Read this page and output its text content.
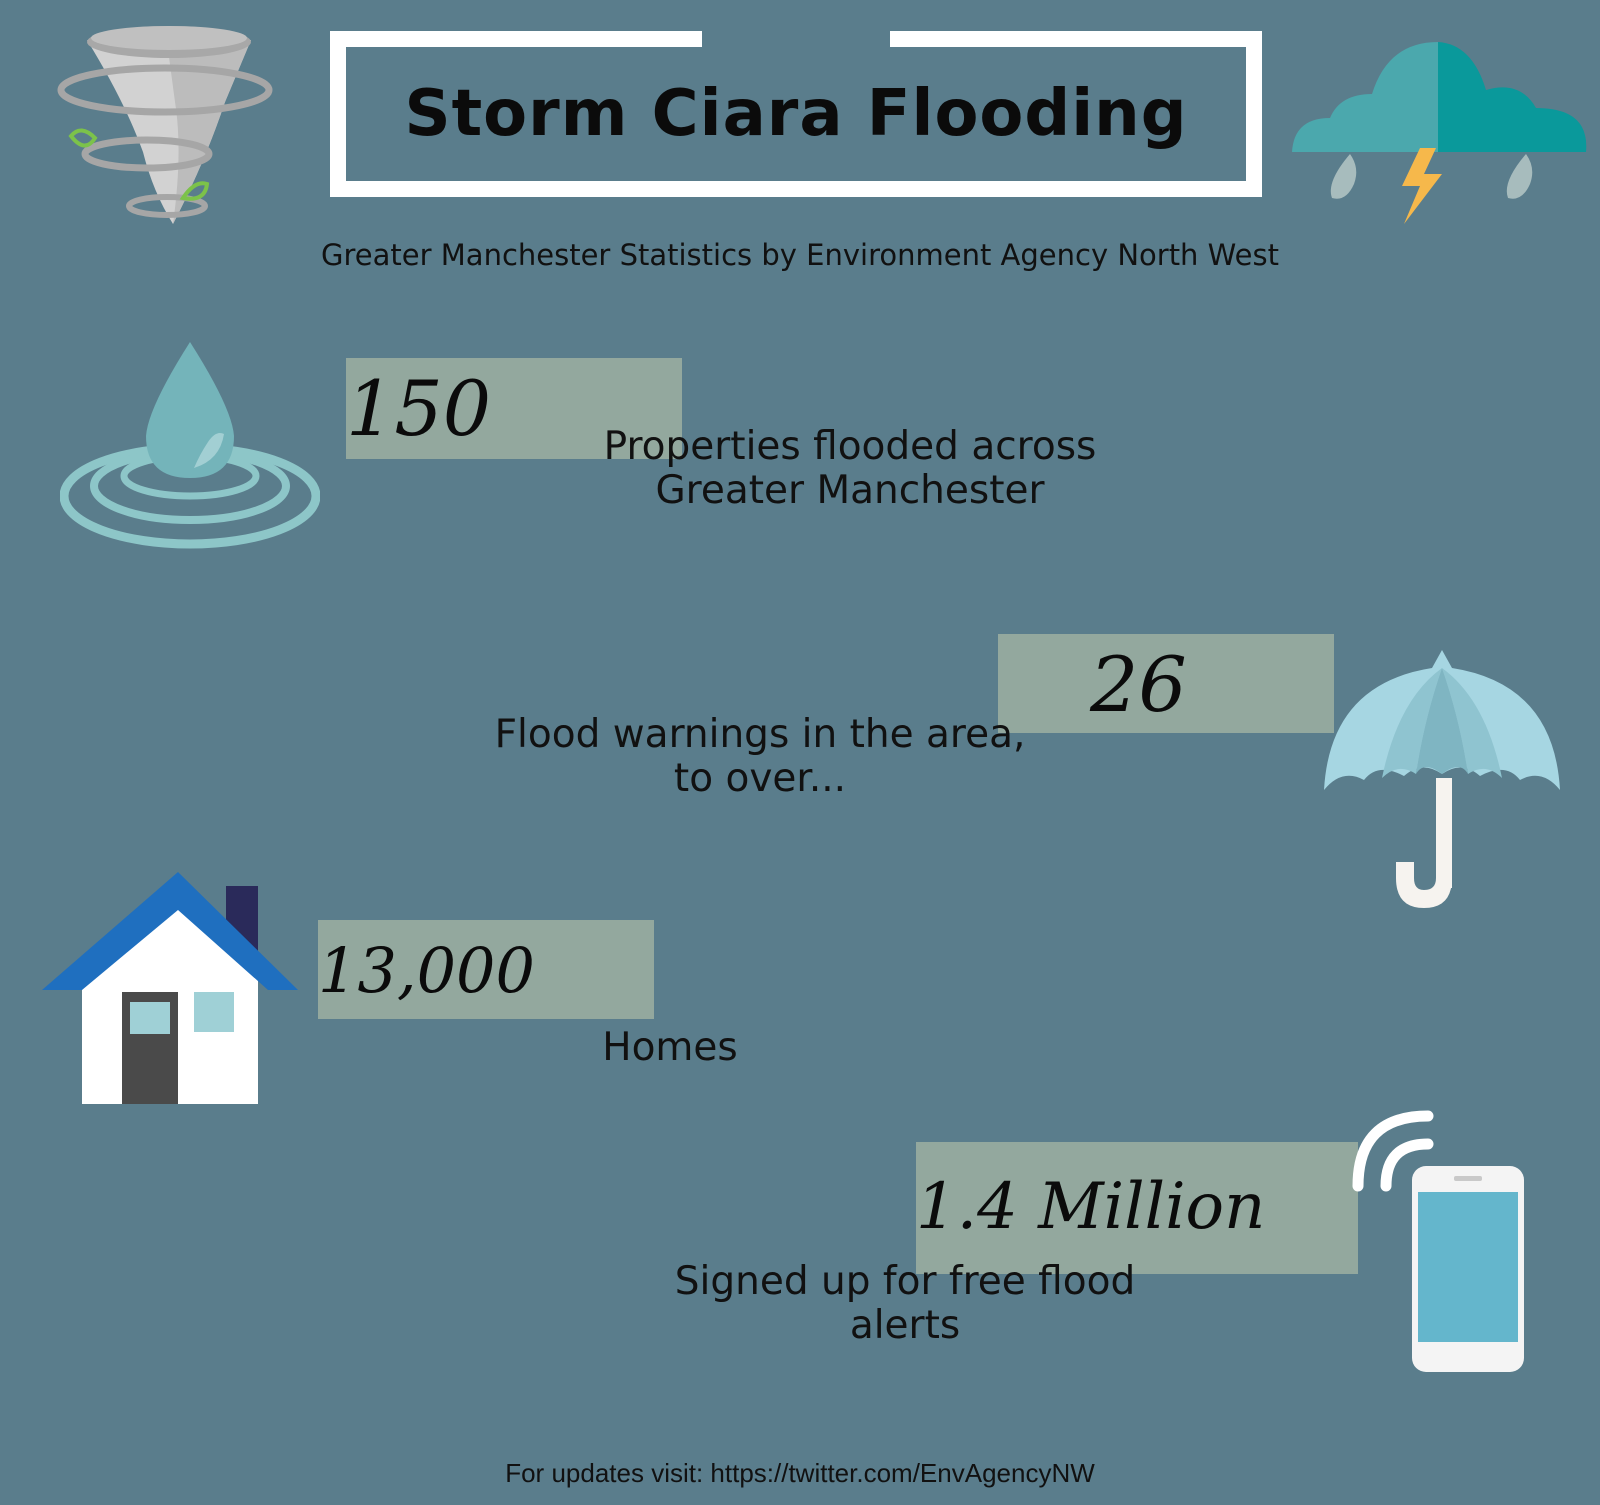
Storm Ciara Flooding
Greater Manchester Statistics by Environment Agency North West
150	Properties flooded across
Greater Manchester
26
Flood warnings in the area,
to over...
13,000
Homes
1.4 Million
Signed up for free flood
alerts
For updates visit: https://twitter.com/EnvAgencyNW
